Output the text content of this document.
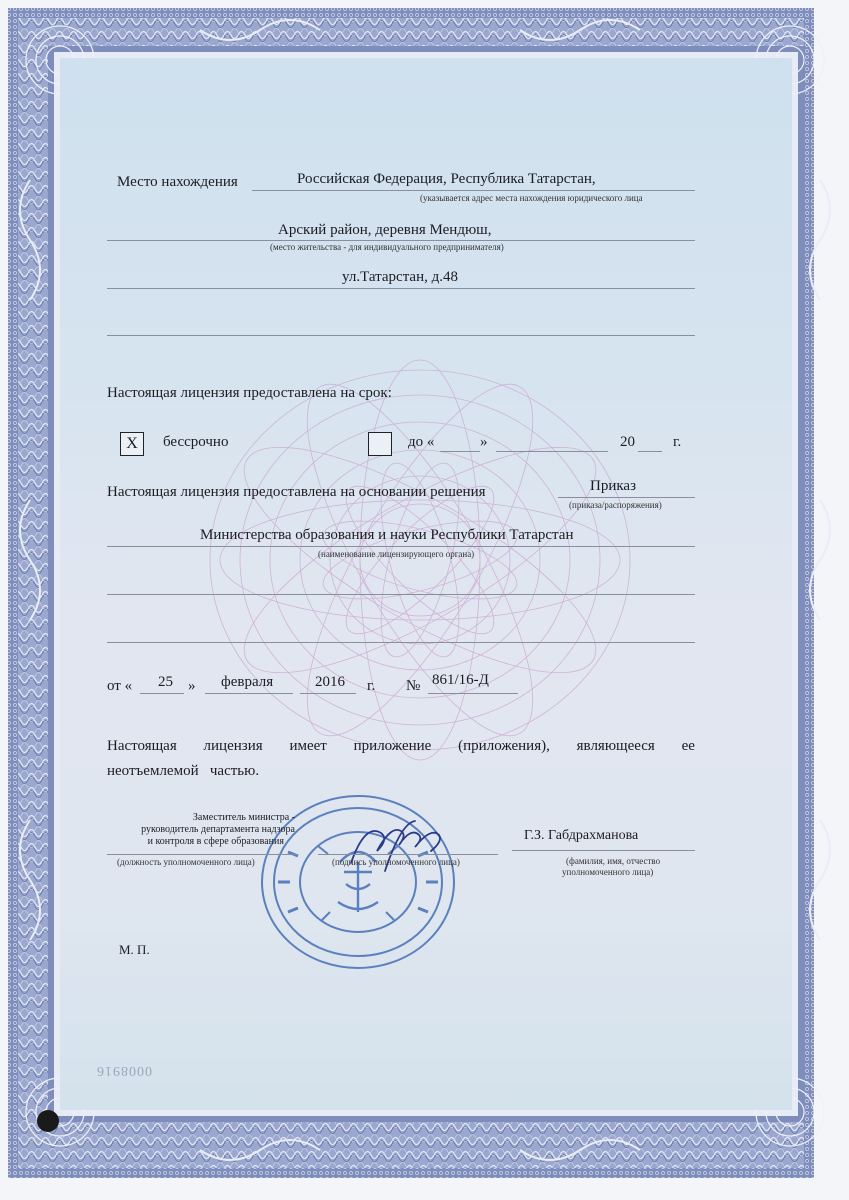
Место нахождения	Российская Федерация, Республика Татарстан,
(указывается адрес места нахождения юридического лица
Арский район, деревня Мендюш,
(место жительства - для индивидуального предпринимателя)
ул.Татарстан, д.48
Настоящая лицензия предоставлена на срок:
Х	бессрочно	до «	»	20	г.
Настоящая лицензия предоставлена на основании решения	Приказ
(приказа/распоряжения)
Министерства образования и науки Республики Татарстан
(наименование лицензирующего органа)
от « 25 » февраля	2016 г. № 861/16-Д
Настоящая лицензия имеет приложение (приложения), являющееся ее
неотъемлемой   частью.
Заместитель министра -
руководитель департамента надзора
и контроля в сфере образования
(должность уполномоченного лица)	(подпись уполномоченного лица)
Г.З. Габдрахманова
(фамилия, имя, отчество
уполномоченного лица)
М. П.
0008916
